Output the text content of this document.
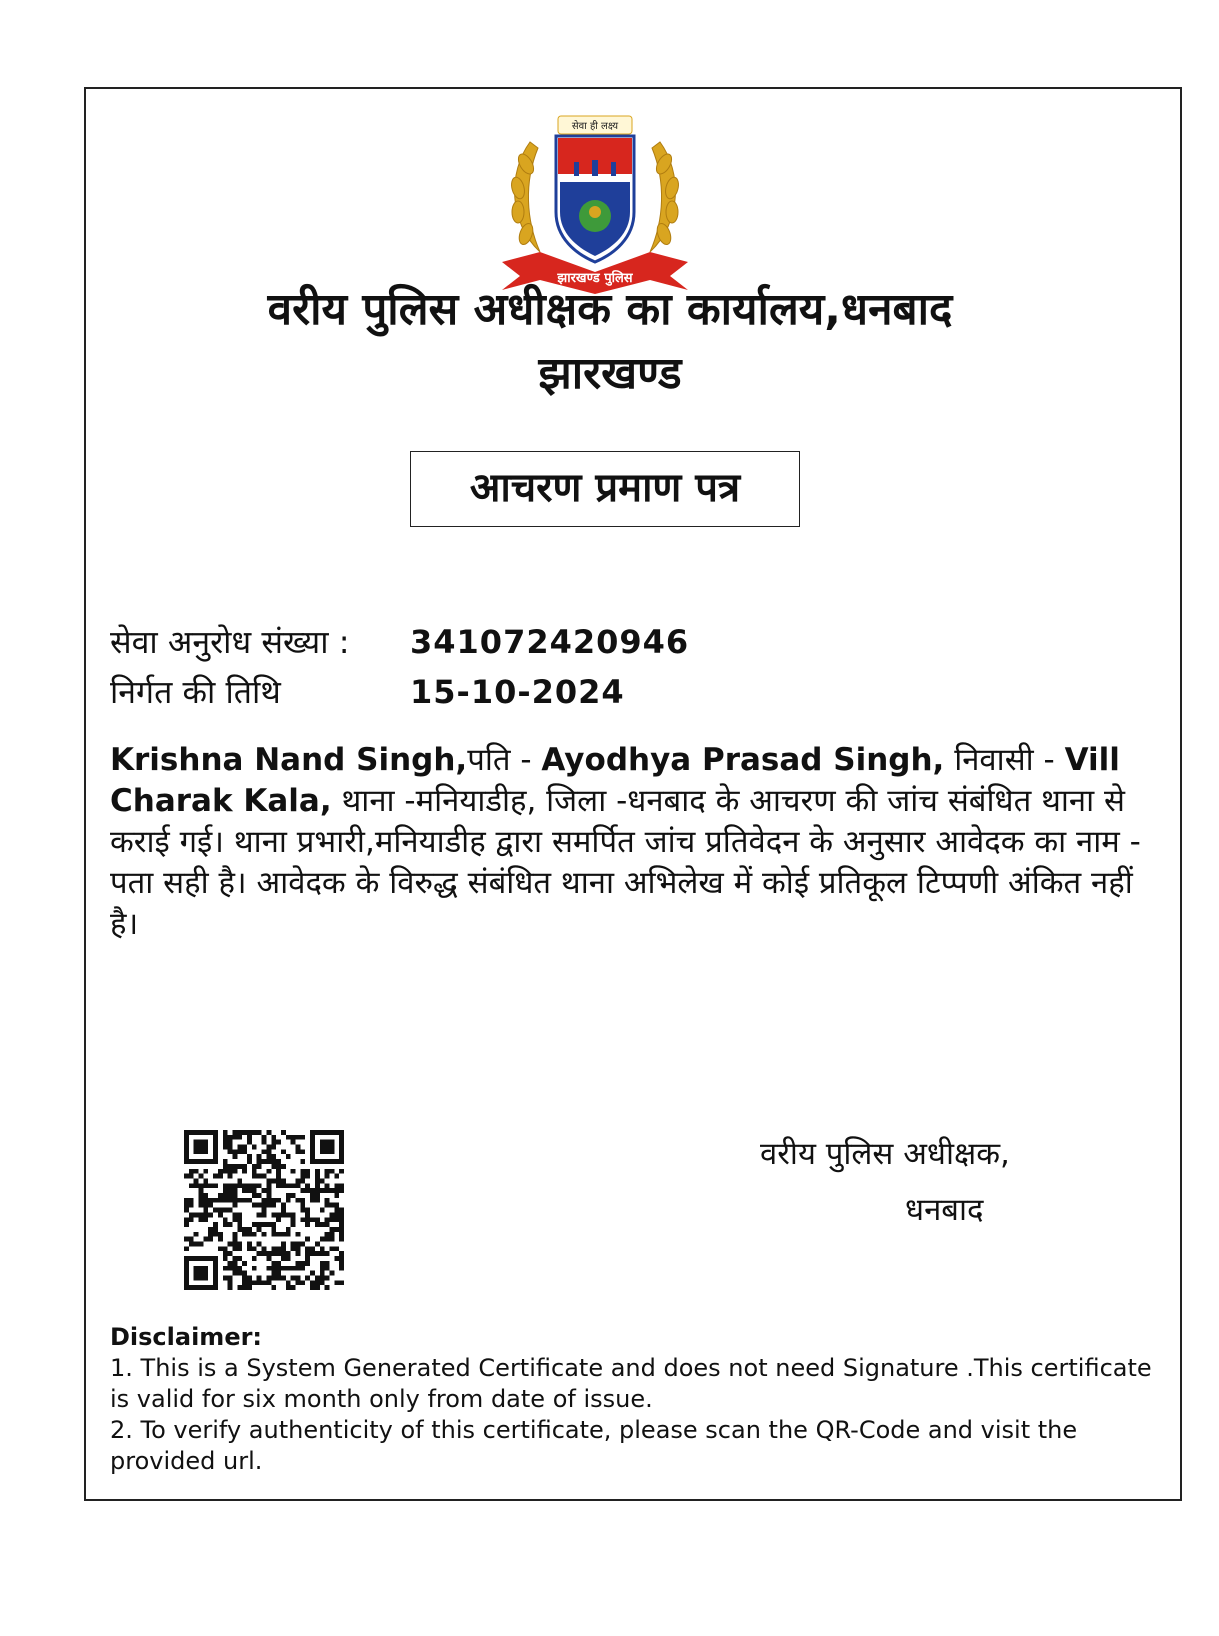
सेवा ही लक्ष्य
झारखण्ड पुलिस
वरीय पुलिस अधीक्षक का कार्यालय,धनबाद
झारखण्ड
आचरण प्रमाण पत्र
सेवा अनुरोध संख्या : 341072420946
निर्गत की तिथि	15-10-2024
Krishna Nand Singh,पति - Ayodhya Prasad Singh, निवासी - Vill Charak Kala, थाना -मनियाडीह, जिला -धनबाद के आचरण की जांच संबंधित थाना से कराई गई। थाना प्रभारी,मनियाडीह द्वारा समर्पित जांच प्रतिवेदन के अनुसार आवेदक का नाम - पता सही है। आवेदक के विरुद्ध संबंधित थाना अभिलेख में कोई प्रतिकूल टिप्पणी अंकित नहीं है।
वरीय पुलिस अधीक्षक,
धनबाद
Disclaimer:
1. This is a System Generated Certificate and does not need Signature .This certificate is valid for six month only from date of issue.
2. To verify authenticity of this certificate, please scan the QR-Code and visit the provided url.
